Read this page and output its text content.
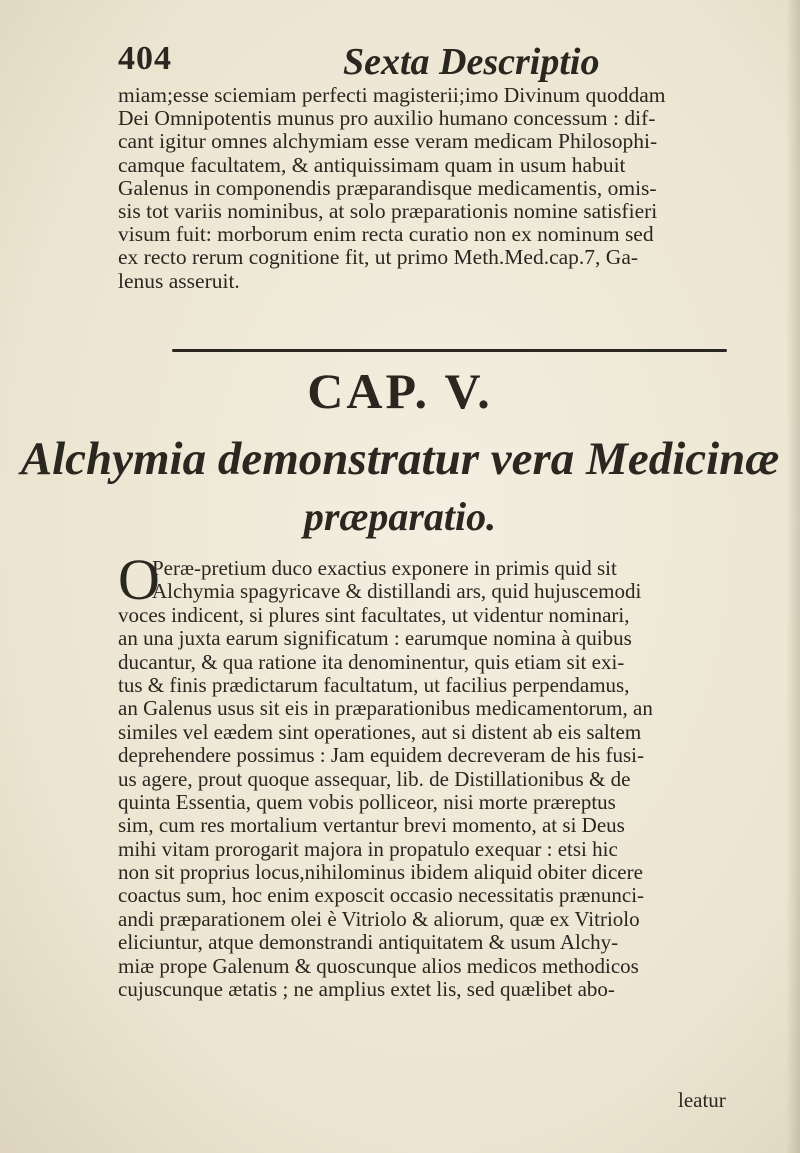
404	Sexta Descriptio
miam;esse sciemiam perfecti magisterii;imo Divinum quoddam
Dei Omnipotentis munus pro auxilio humano concessum : dif-
cant igitur omnes alchymiam esse veram medicam Philosophi-
camque facultatem, & antiquissimam quam in usum habuit
Galenus in componendis præparandisque medicamentis, omis-
sis tot variis nominibus, at solo præparationis nomine satisfieri
visum fuit: morborum enim recta curatio non ex nominum sed
ex recto rerum cognitione fit, ut primo Meth.Med.cap.7, Ga-
lenus asseruit.
CAP. V.
Alchymia demonstratur vera Medicinæ
præparatio.
O
Peræ-pretium duco exactius exponere in primis quid sit
Alchymia spagyricave & distillandi ars, quid hujuscemodi
voces indicent, si plures sint facultates, ut videntur nominari,
an una juxta earum significatum : earumque nomina à quibus
ducantur, & qua ratione ita denominentur, quis etiam sit exi-
tus & finis prædictarum facultatum, ut facilius perpendamus,
an Galenus usus sit eis in præparationibus medicamentorum, an
similes vel eædem sint operationes, aut si distent ab eis saltem
deprehendere possimus : Jam equidem decreveram de his fusi-
us agere, prout quoque assequar, lib. de Distillationibus & de
quinta Essentia, quem vobis polliceor, nisi morte præreptus
sim, cum res mortalium vertantur brevi momento, at si Deus
mihi vitam prorogarit majora in propatulo exequar : etsi hic
non sit proprius locus,nihilominus ibidem aliquid obiter dicere
coactus sum, hoc enim exposcit occasio necessitatis prænunci-
andi præparationem olei è Vitriolo & aliorum, quæ ex Vitriolo
eliciuntur, atque demonstrandi antiquitatem & usum Alchy-
miæ prope Galenum & quoscunque alios medicos methodicos
cujuscunque ætatis ; ne amplius extet lis, sed quælibet abo-
leatur
